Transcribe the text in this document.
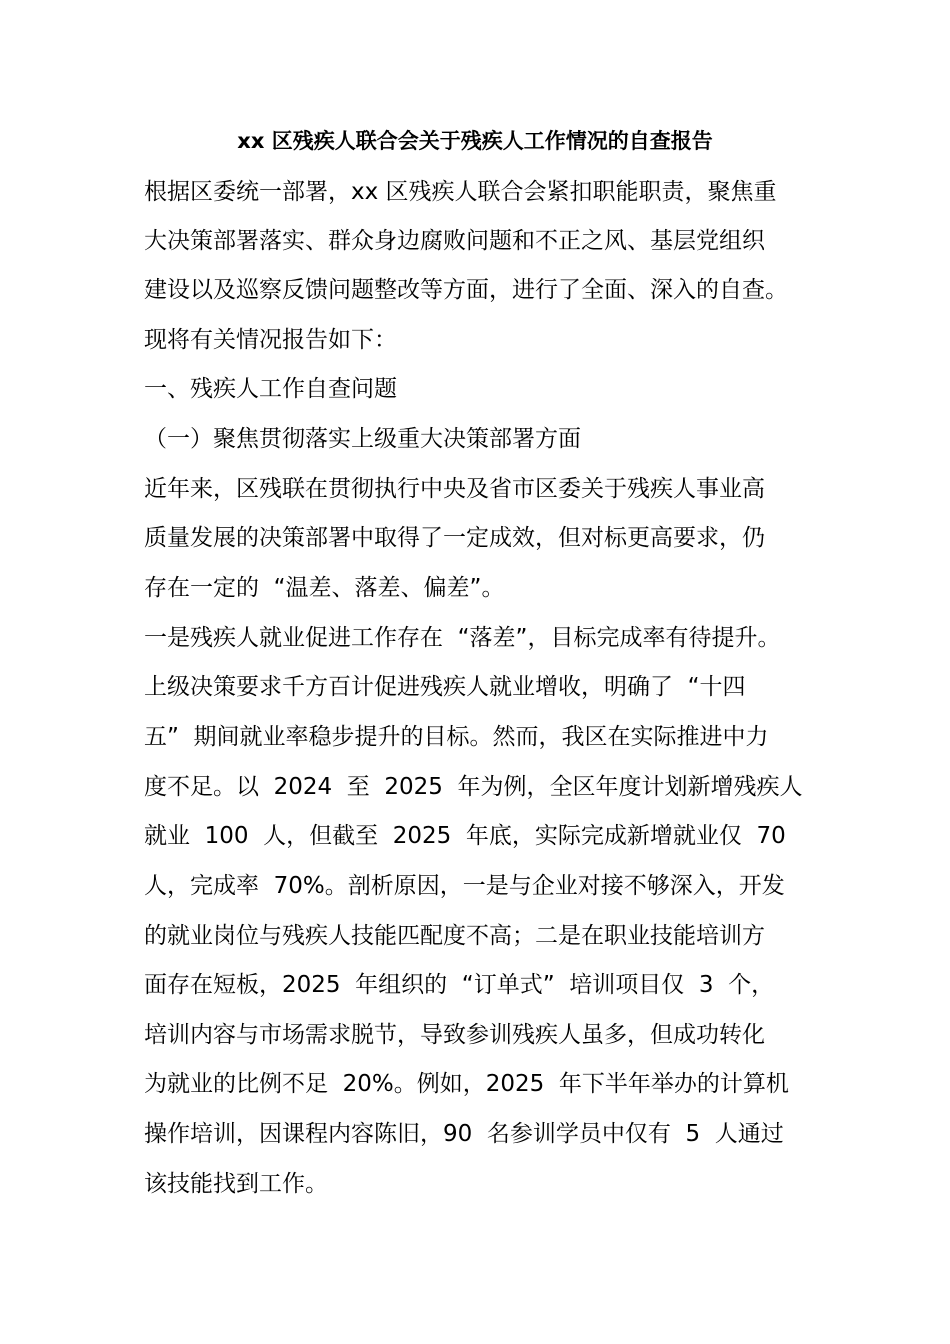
xx 区残疾人联合会关于残疾人工作情况的自查报告
根据区委统一部署，xx 区残疾人联合会紧扣职能职责，聚焦重
大决策部署落实、群众身边腐败问题和不正之风、基层党组织
建设以及巡察反馈问题整改等方面，进行了全面、深入的自查。
现将有关情况报告如下：
一、残疾人工作自查问题
（一）聚焦贯彻落实上级重大决策部署方面
近年来，区残联在贯彻执行中央及省市区委关于残疾人事业高
质量发展的决策部署中取得了一定成效，但对标更高要求，仍
存在一定的  “温差、落差、偏差”。
一是残疾人就业促进工作存在  “落差”，目标完成率有待提升。
上级决策要求千方百计促进残疾人就业增收，明确了  “十四
五”  期间就业率稳步提升的目标。然而，我区在实际推进中力
度不足。以  2024  至  2025  年为例，全区年度计划新增残疾人
就业  100  人，但截至  2025  年底，实际完成新增就业仅  70
人，完成率  70%。剖析原因，一是与企业对接不够深入，开发
的就业岗位与残疾人技能匹配度不高；二是在职业技能培训方
面存在短板，2025  年组织的  “订单式”  培训项目仅  3  个，
培训内容与市场需求脱节，导致参训残疾人虽多，但成功转化
为就业的比例不足  20%。例如，2025  年下半年举办的计算机
操作培训，因课程内容陈旧，90  名参训学员中仅有  5  人通过
该技能找到工作。
